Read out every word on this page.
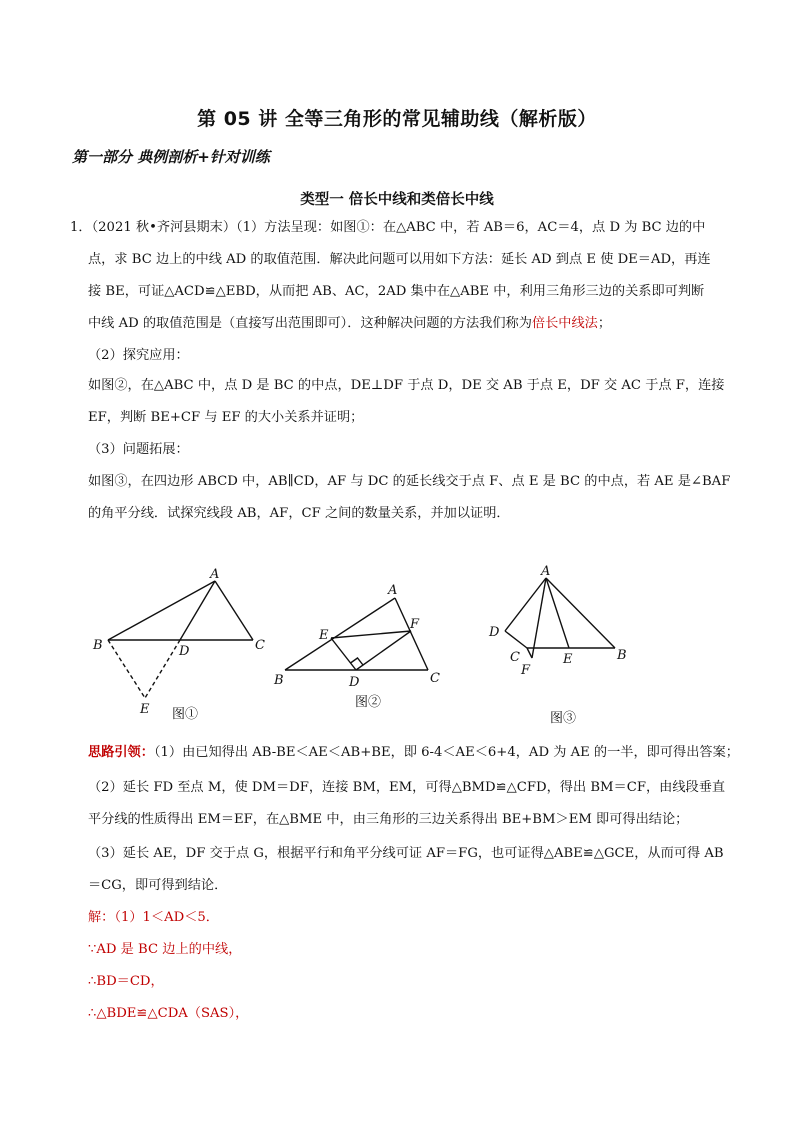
第 05 讲 全等三角形的常见辅助线（解析版）
第一部分 典例剖析+针对训练
类型一 倍长中线和类倍长中线
1．（2021 秋•齐河县期末）（1）方法呈现：如图①：在△ABC 中，若 AB＝6，AC＝4，点 D 为 BC 边的中
点，求 BC 边上的中线 AD 的取值范围．解决此问题可以用如下方法：延长 AD 到点 E 使 DE＝AD，再连
接 BE，可证△ACD≌△EBD，从而把 AB、AC，2AD 集中在△ABE 中，利用三角形三边的关系即可判断
中线 AD 的取值范围是（直接写出范围即可）．这种解决问题的方法我们称为倍长中线法；
（2）探究应用：
如图②，在△ABC 中，点 D 是 BC 的中点，DE⊥DF 于点 D，DE 交 AB 于点 E，DF 交 AC 于点 F，连接
EF，判断 BE+CF 与 EF 的大小关系并证明；
（3）问题拓展：
如图③，在四边形 ABCD 中，AB∥CD，AF 与 DC 的延长线交于点 F、点 E 是 BC 的中点，若 AE 是∠BAF
的角平分线．试探究线段 AB，AF，CF 之间的数量关系，并加以证明．
A
B	C
D
E 图①
A
B	C
D
E
F
图②
A
D
C
F
E	B
图③
思路引领：（1）由已知得出 AB-BE＜AE＜AB+BE，即 6-4＜AE＜6+4，AD 为 AE 的一半，即可得出答案；
（2）延长 FD 至点 M，使 DM＝DF，连接 BM，EM，可得△BMD≌△CFD，得出 BM＝CF，由线段垂直
平分线的性质得出 EM＝EF，在△BME 中，由三角形的三边关系得出 BE+BM＞EM 即可得出结论；
（3）延长 AE，DF 交于点 G，根据平行和角平分线可证 AF＝FG，也可证得△ABE≌△GCE，从而可得 AB
＝CG，即可得到结论．
解：（1）1＜AD＜5．
∵AD 是 BC 边上的中线，
∴BD＝CD，
∴△BDE≌△CDA（SAS），
